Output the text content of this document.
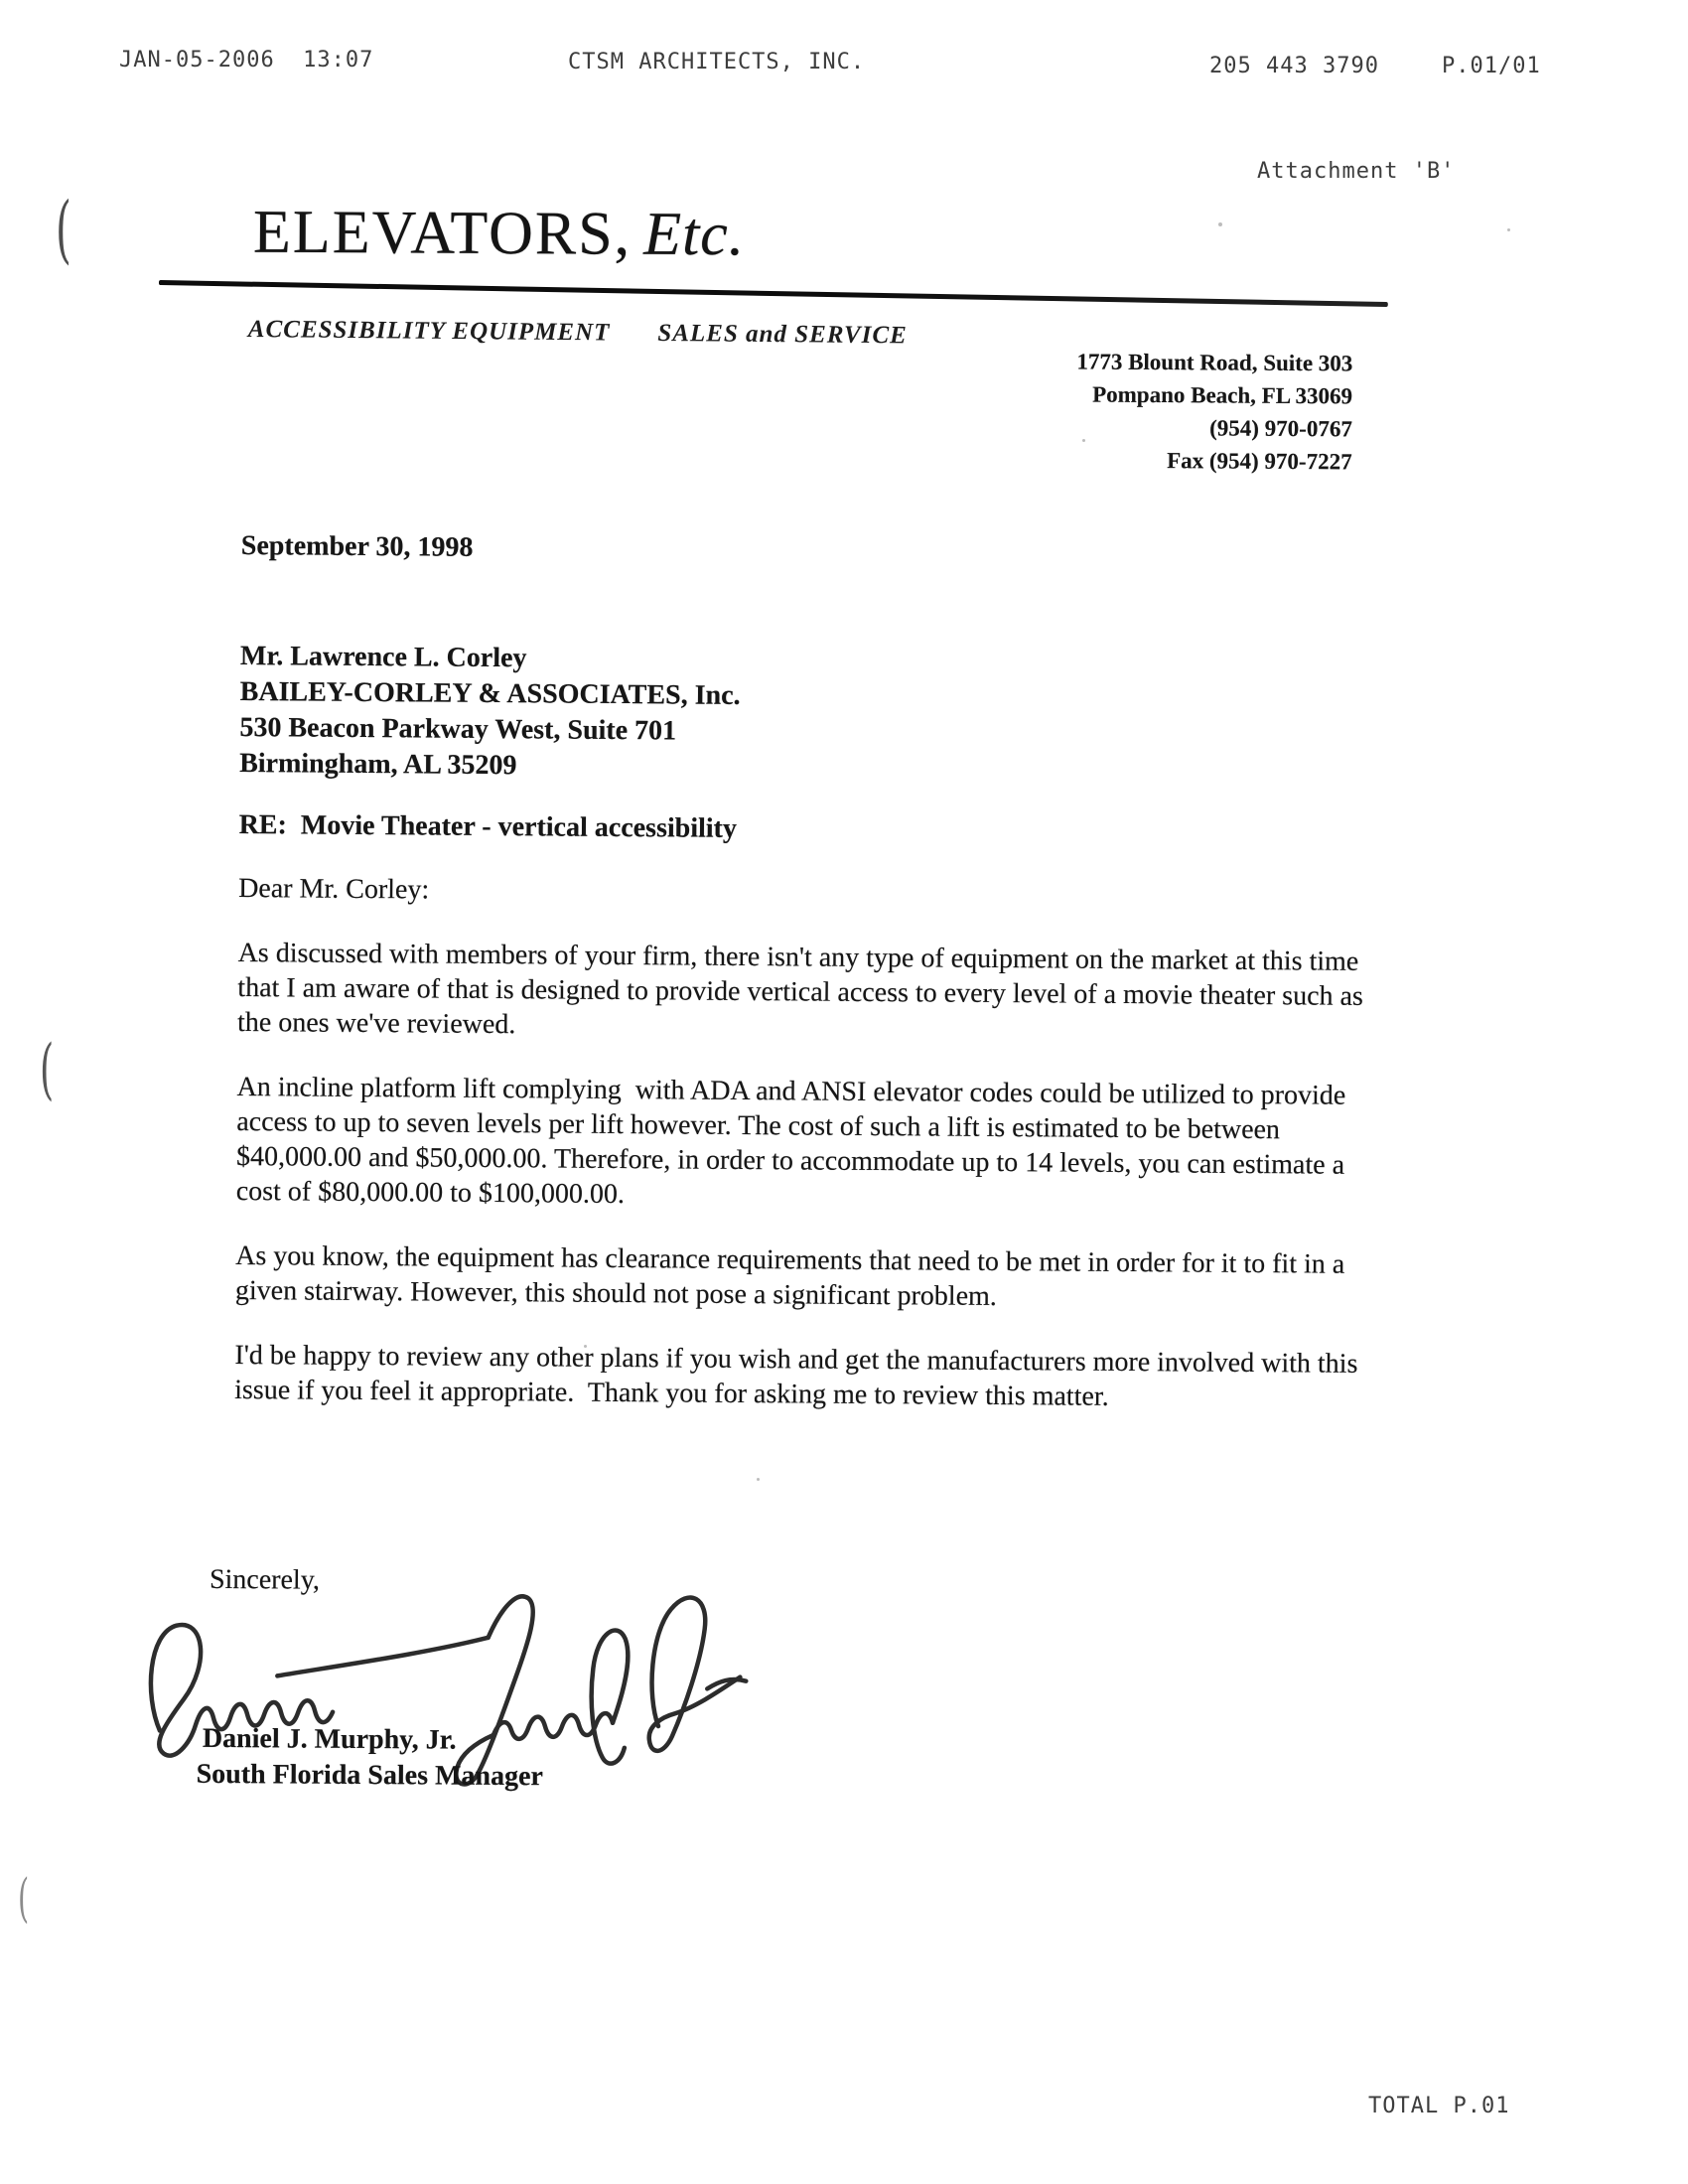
JAN-05-2006  13:07	CTSM ARCHITECTS, INC.	205 443 3790	P.01/01
Attachment 'B'
ELEVATORS, Etc.
ACCESSIBILITY EQUIPMENT SALES and SERVICE
1773 Blount Road, Suite 303
Pompano Beach, FL 33069
(954) 970-0767
Fax (954) 970-7227
September 30, 1998
Mr. Lawrence L. Corley
BAILEY-CORLEY & ASSOCIATES, Inc.
530 Beacon Parkway West, Suite 701
Birmingham, AL 35209
RE:  Movie Theater - vertical accessibility
Dear Mr. Corley:

As discussed with members of your firm, there isn't any type of equipment on the market at this time that I am aware of that is designed to provide vertical access to every level of a movie theater such as the ones we've reviewed.

An incline platform lift complying  with ADA and ANSI elevator codes could be utilized to provide access to up to seven levels per lift however. The cost of such a lift is estimated to be between $40,000.00 and $50,000.00. Therefore, in order to accommodate up to 14 levels, you can estimate a cost of $80,000.00 to $100,000.00.

As you know, the equipment has clearance requirements that need to be met in order for it to fit in a given stairway. However, this should not pose a significant problem.

I'd be happy to review any other plans if you wish and get the manufacturers more involved with this issue if you feel it appropriate.  Thank you for asking me to review this matter.

Sincerely,
Daniel J. Murphy, Jr.
South Florida Sales Manager
TOTAL P.01
(
(
(
